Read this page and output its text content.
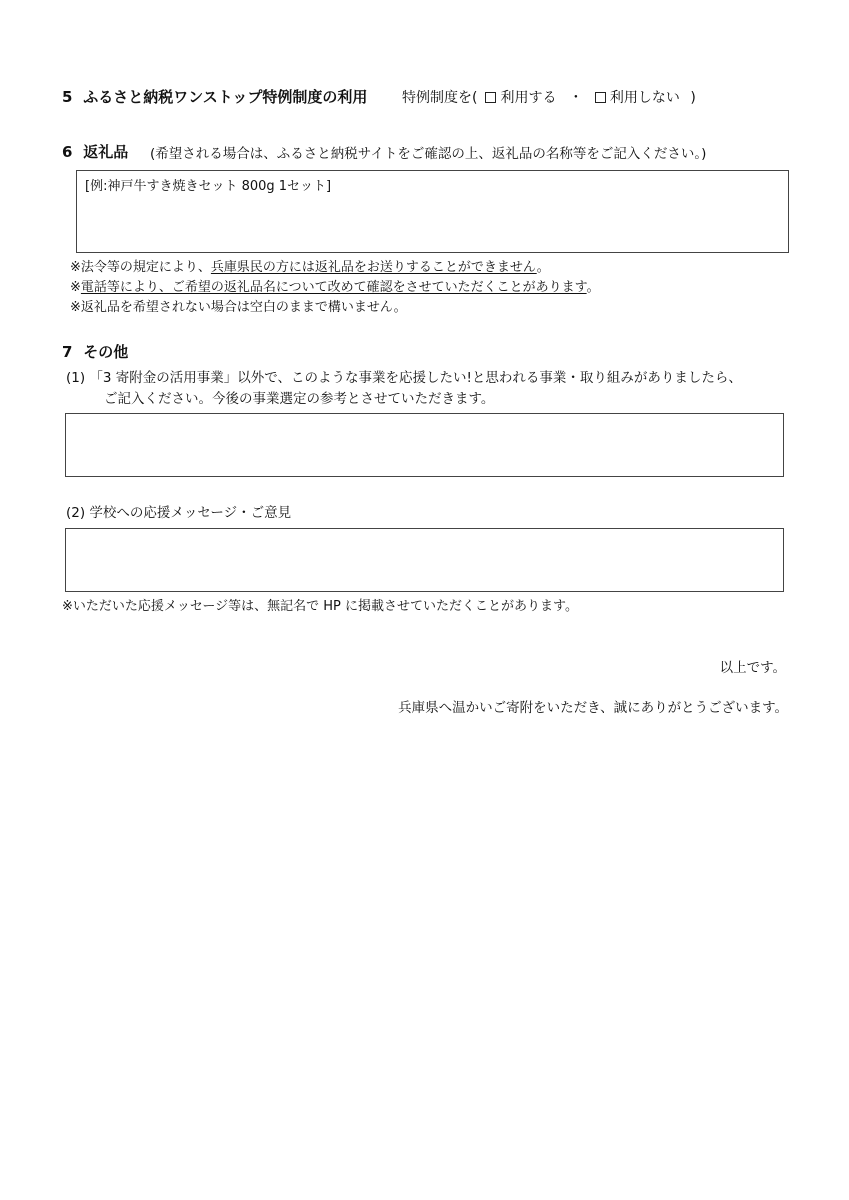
5 ふるさと納税ワンストップ特例制度の利用 特例制度を( 利用する ・ 利用しない )
6 返礼品 (希望される場合は、ふるさと納税サイトをご確認の上、返礼品の名称等をご記入ください。)
[例:神戸牛すき焼きセット 800g 1セット]
※法令等の規定により、兵庫県民の方には返礼品をお送りすることができません。
※電話等により、ご希望の返礼品名について改めて確認をさせていただくことがあります。
※返礼品を希望されない場合は空白のままで構いません。
7 その他
(1) 「3 寄附金の活用事業」以外で、このような事業を応援したい!と思われる事業・取り組みがありましたら、
ご記入ください。今後の事業選定の参考とさせていただきます。
(2) 学校への応援メッセージ・ご意見
※いただいた応援メッセージ等は、無記名で HP に掲載させていただくことがあります。
以上です。
兵庫県へ温かいご寄附をいただき、誠にありがとうございます。
